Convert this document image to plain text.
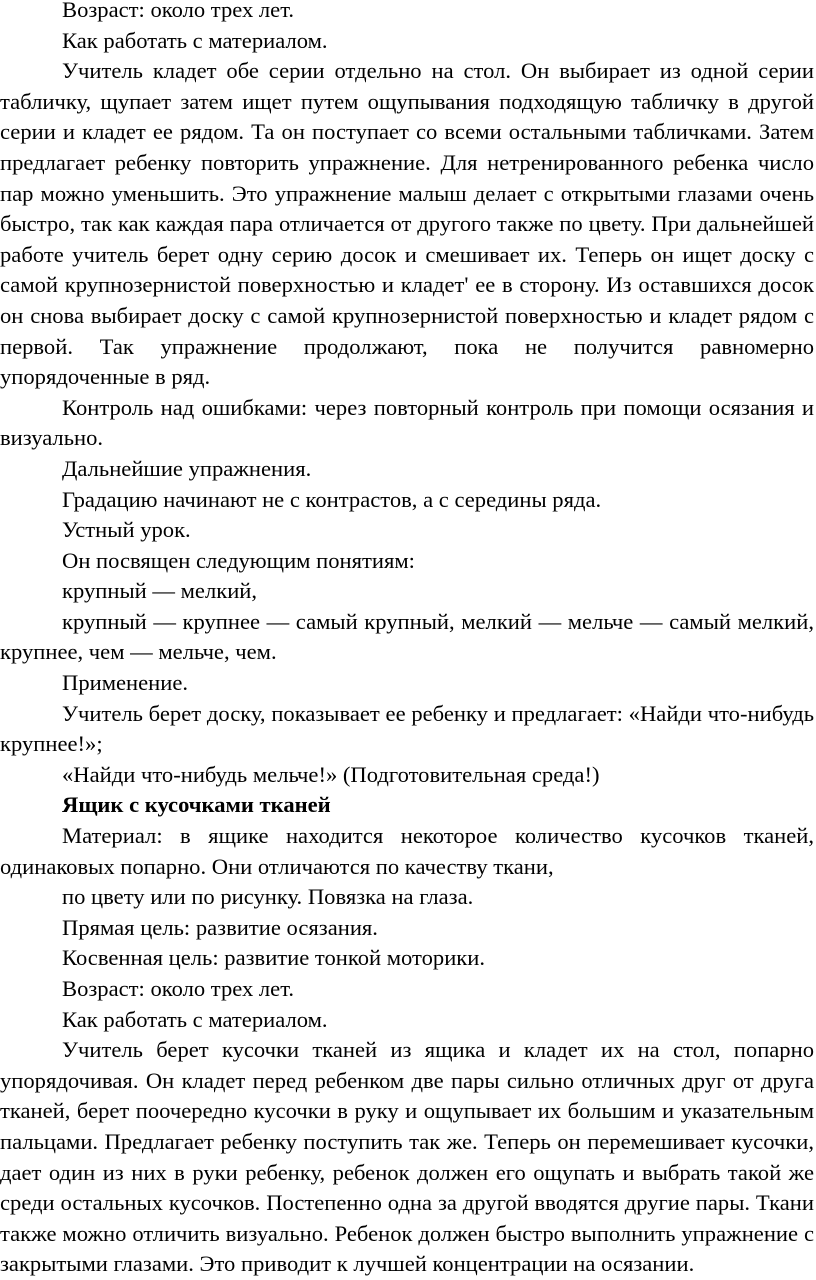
Возраст: около трех лет.

Как работать с материалом.

Учитель кладет обе серии отдельно на стол. Он выбирает из одной серии табличку, щупает затем ищет путем ощупывания подходящую табличку в другой серии и кладет ее рядом. Та он поступает со всеми остальными табличками. Затем предлагает ребенку повторить упражнение. Для нетренированного ребенка число пар можно уменьшить. Это упражнение малыш делает с открытыми глазами очень быстро, так как каждая пара отличается от другого также по цвету. При дальнейшей работе учитель берет одну серию досок и смешивает их. Теперь он ищет доску с самой крупнозернистой поверхностью и кладет' ее в сторону. Из оставшихся досок он снова выбирает доску с самой крупнозернистой поверхностью и кладет рядом с первой. Так упражнение продолжают, пока не получится равномерно упорядоченные в ряд.

Контроль над ошибками: через повторный контроль при помощи осязания и визуально.

Дальнейшие упражнения.

Градацию начинают не с контрастов, а с середины ряда.

Устный урок.

Он посвящен следующим понятиям:

крупный — мелкий,

крупный — крупнее — самый крупный, мелкий — мельче — самый мелкий, крупнее, чем — мельче, чем.

Применение.

Учитель берет доску, показывает ее ребенку и предлагает: «Найди что-нибудь крупнее!»;

«Найди что-нибудь мельче!» (Подготовительная среда!)

Ящик с кусочками тканей

Материал: в ящике находится некоторое количество кусочков тканей, одинаковых попарно. Они отличаются по качеству ткани,

по цвету или по рисунку. Повязка на глаза.

Прямая цель: развитие осязания.

Косвенная цель: развитие тонкой моторики.

Возраст: около трех лет.

Как работать с материалом.

Учитель берет кусочки тканей из ящика и кладет их на стол, попарно упорядочивая. Он кладет перед ребенком две пары сильно отличных друг от друга тканей, берет поочередно кусочки в руку и ощупывает их большим и указательным пальцами. Предлагает ребенку поступить так же. Теперь он перемешивает кусочки, дает один из них в руки ребенку, ребенок должен его ощупать и выбрать такой же среди остальных кусочков. Постепенно одна за другой вводятся другие пары. Ткани также можно отличить визуально. Ребенок должен быстро выполнить упражнение с закрытыми глазами. Это приводит к лучшей концентрации на осязании.
